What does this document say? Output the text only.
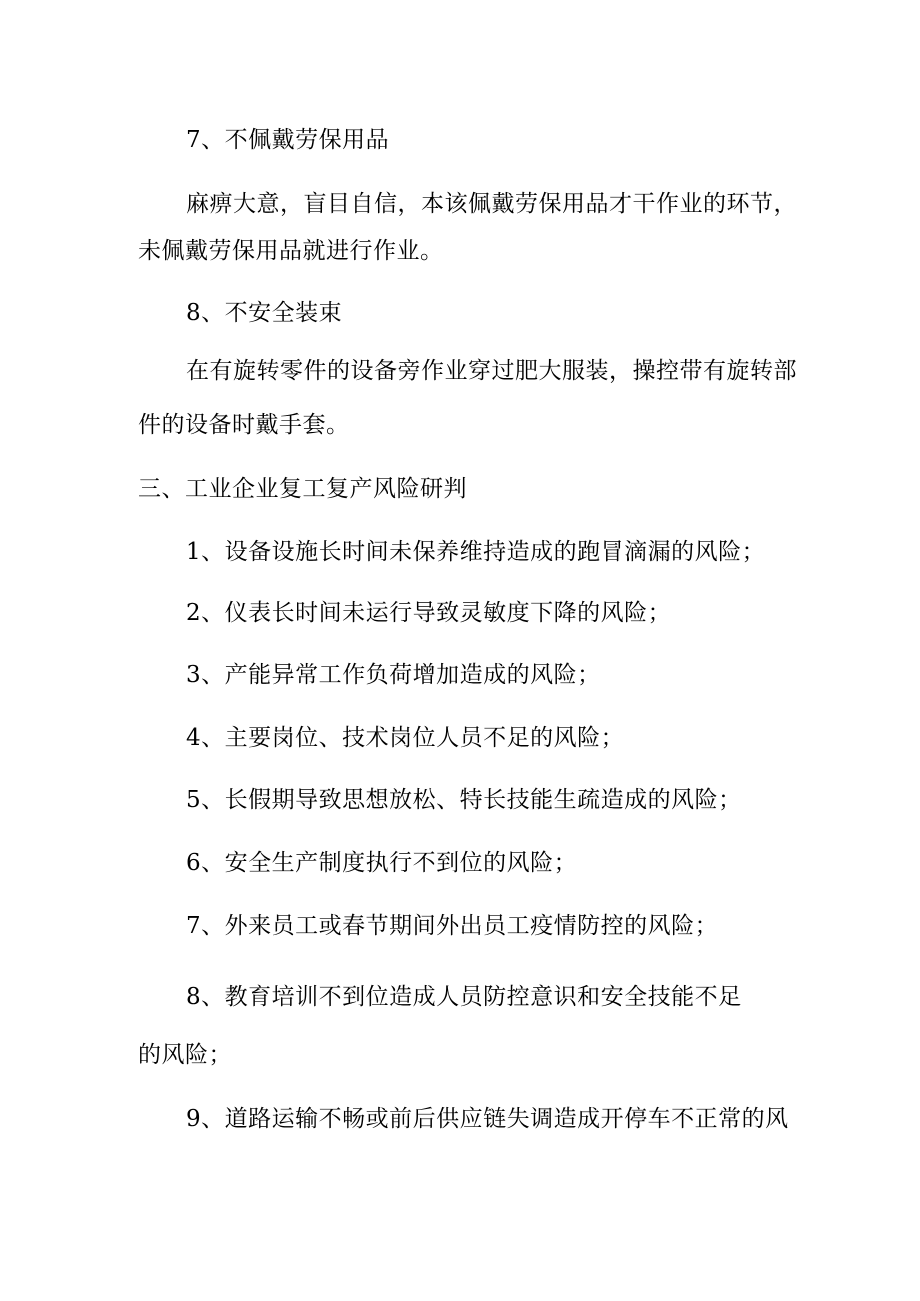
7、不佩戴劳保用品
麻痹大意，盲目自信，本该佩戴劳保用品才干作业的环节，
未佩戴劳保用品就进行作业。
8、不安全装束
在有旋转零件的设备旁作业穿过肥大服装，操控带有旋转部
件的设备时戴手套。
三、工业企业复工复产风险研判
1、设备设施长时间未保养维持造成的跑冒滴漏的风险；
2、仪表长时间未运行导致灵敏度下降的风险；
3、产能异常工作负荷增加造成的风险；
4、主要岗位、技术岗位人员不足的风险；
5、长假期导致思想放松、特长技能生疏造成的风险；
6、安全生产制度执行不到位的风险；
7、外来员工或春节期间外出员工疫情防控的风险；
8、教育培训不到位造成人员防控意识和安全技能不足
的风险；
9、道路运输不畅或前后供应链失调造成开停车不正常的风
